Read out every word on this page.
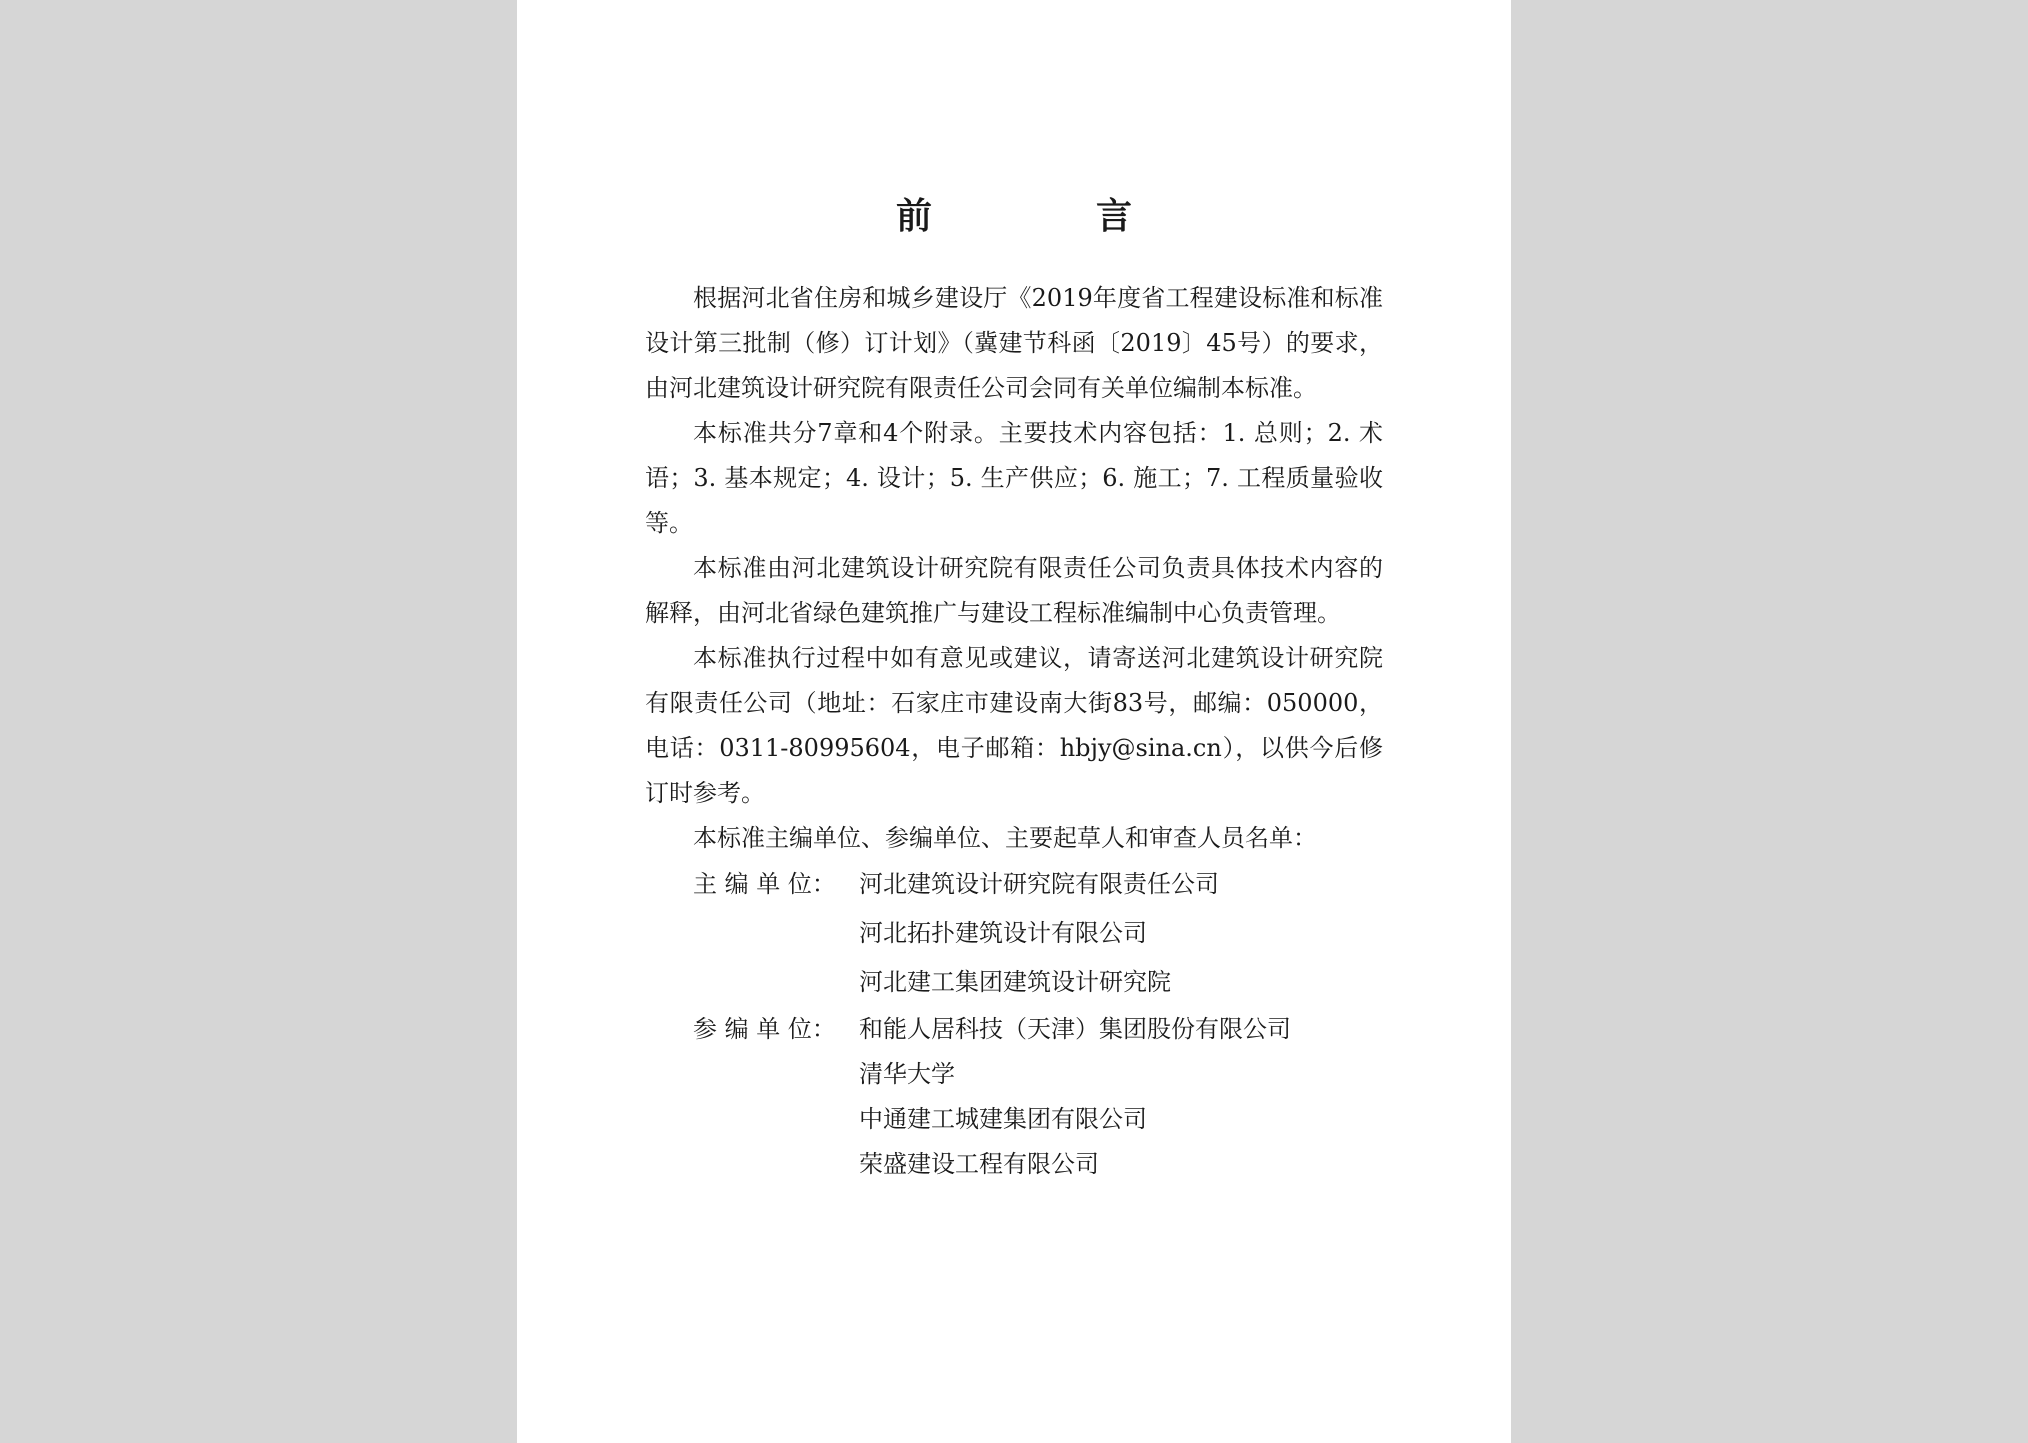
前　言

根据河北省住房和城乡建设厅《2019年度省工程建设标准和标准设计第三批制（修）订计划》（冀建节科函〔2019〕45号）的要求，由河北建筑设计研究院有限责任公司会同有关单位编制本标准。

本标准共分7章和4个附录。主要技术内容包括：1. 总则；2. 术语；3. 基本规定；4. 设计；5. 生产供应；6. 施工；7. 工程质量验收等。

本标准由河北建筑设计研究院有限责任公司负责具体技术内容的解释，由河北省绿色建筑推广与建设工程标准编制中心负责管理。

本标准执行过程中如有意见或建议，请寄送河北建筑设计研究院有限责任公司（地址：石家庄市建设南大街83号，邮编：050000，电话：0311-80995604，电子邮箱：hbjy@sina.cn），以供今后修订时参考。

本标准主编单位、参编单位、主要起草人和审查人员名单：

主 编 单 位： 河北建筑设计研究院有限责任公司
河北拓扑建筑设计有限公司
河北建工集团建筑设计研究院
参 编 单 位： 和能人居科技（天津）集团股份有限公司
清华大学
中通建工城建集团有限公司
荣盛建设工程有限公司
